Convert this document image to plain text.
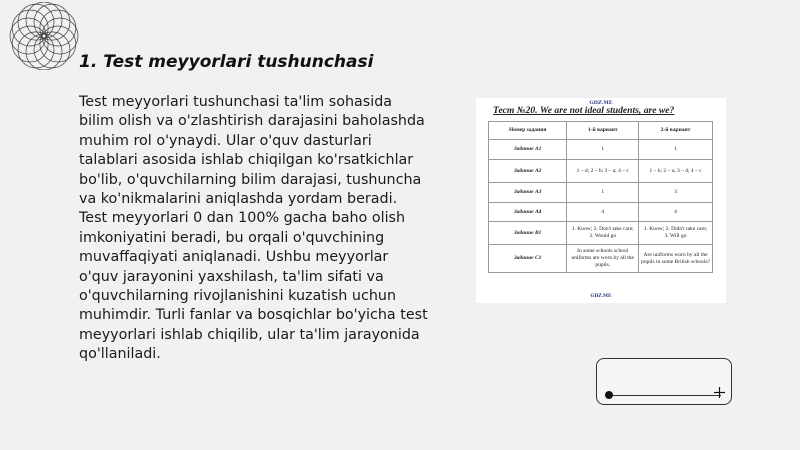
1. Test meyyorlari tushunchasi

Test meyyorlari tushunchasi ta'lim sohasida bilim olish va o'zlashtirish darajasini baholashda muhim rol o'ynaydi. Ular o'quv dasturlari talablari asosida ishlab chiqilgan ko'rsatkichlar bo'lib, o'quvchilarning bilim darajasi, tushuncha va ko'nikmalarini aniqlashda yordam beradi. Test meyyorlari 0 dan 100% gacha baho olish imkoniyatini beradi, bu orqali o'quvchining muvaffaqiyati aniqlanadi. Ushbu meyyorlar o'quv jarayonini yaxshilash, ta'lim sifati va o'quvchilarning rivojlanishini kuzatish uchun muhimdir. Turli fanlar va bosqichlar bo'yicha test meyyorlari ishlab chiqilib, ular ta'lim jarayonida qo'llaniladi.

GDZ.ME
Тест №20. We are not ideal students, are we?
Номер задания	1-й вариант	2-й вариант
Задание А1	1	1
Задание А2	1 – d; 2 – b; 3 – a; 4 – c	1 – b; 2 – a; 3 – d; 4 – c
Задание А3	1	3
Задание А4	4	4
Задание В1	1. Know; 2. Don't take care; 3. Would go	1. Know; 2. Didn't take care; 3. Will go
Задание С1	In some schools school uniforms are worn by all the pupils.	Are uniforms worn by all the pupils in some British schools?
GDZ.ME
